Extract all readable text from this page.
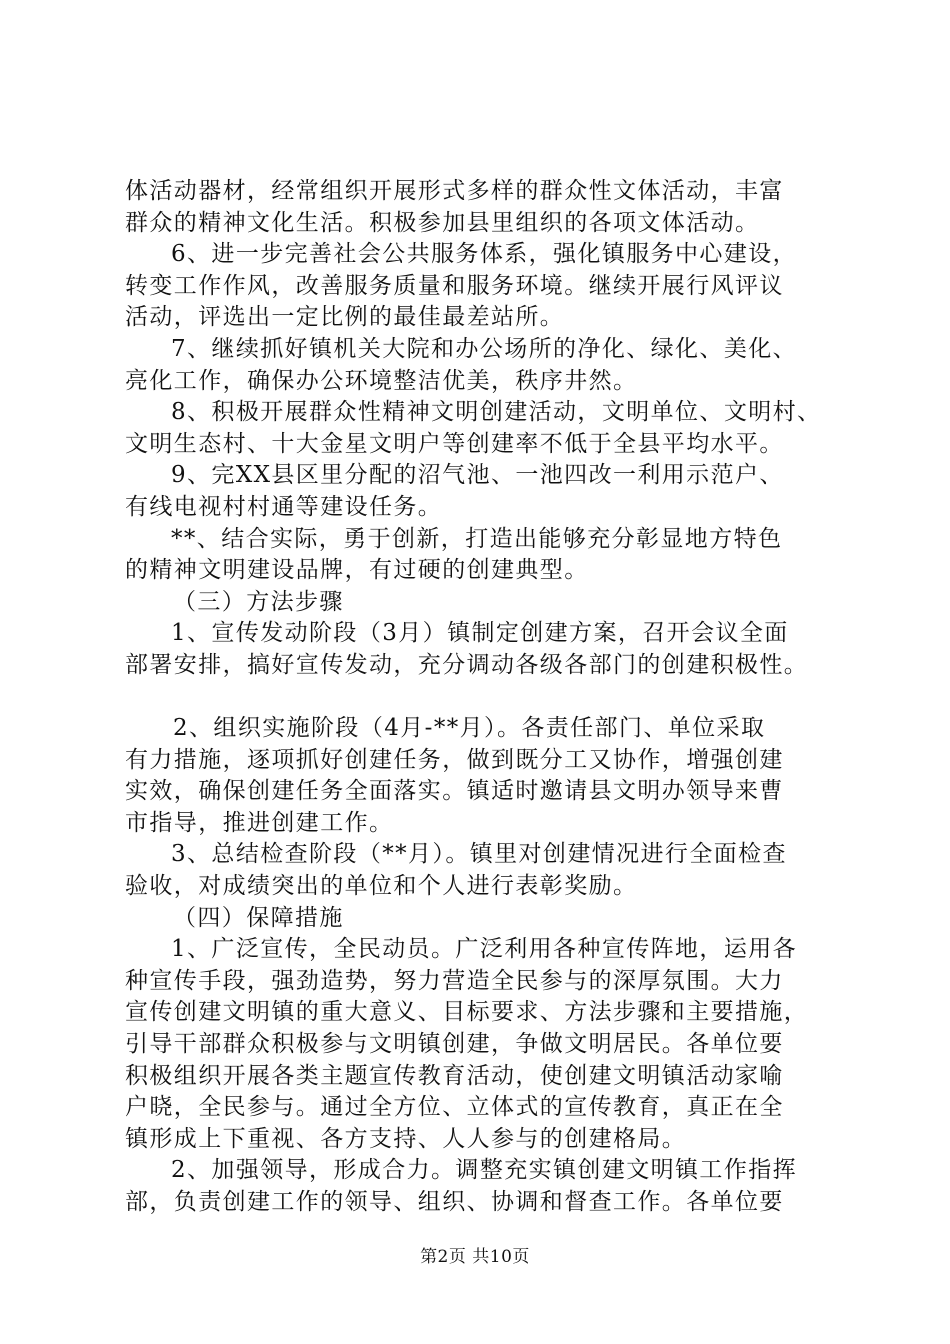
体活动器材，经常组织开展形式多样的群众性文体活动，丰富
群众的精神文化生活。积极参加县里组织的各项文体活动。
6、进一步完善社会公共服务体系，强化镇服务中心建设，
转变工作作风，改善服务质量和服务环境。继续开展行风评议
活动，评选出一定比例的最佳最差站所。
7、继续抓好镇机关大院和办公场所的净化、绿化、美化、
亮化工作，确保办公环境整洁优美，秩序井然。
8、积极开展群众性精神文明创建活动，文明单位、文明村、
文明生态村、十大金星文明户等创建率不低于全县平均水平。
9、完XX县区里分配的沼气池、一池四改一利用示范户、
有线电视村村通等建设任务。
**、结合实际，勇于创新，打造出能够充分彰显地方特色
的精神文明建设品牌，有过硬的创建典型。
（三）方法步骤
1、宣传发动阶段（3月）镇制定创建方案，召开会议全面
部署安排，搞好宣传发动，充分调动各级各部门的创建积极性。
2、组织实施阶段（4月-**月）。各责任部门、单位采取
有力措施，逐项抓好创建任务，做到既分工又协作，增强创建
实效，确保创建任务全面落实。镇适时邀请县文明办领导来曹
市指导，推进创建工作。
3、总结检查阶段（**月）。镇里对创建情况进行全面检查
验收，对成绩突出的单位和个人进行表彰奖励。
（四）保障措施
1、广泛宣传，全民动员。广泛利用各种宣传阵地，运用各
种宣传手段，强劲造势，努力营造全民参与的深厚氛围。大力
宣传创建文明镇的重大意义、目标要求、方法步骤和主要措施，
引导干部群众积极参与文明镇创建，争做文明居民。各单位要
积极组织开展各类主题宣传教育活动，使创建文明镇活动家喻
户晓，全民参与。通过全方位、立体式的宣传教育，真正在全
镇形成上下重视、各方支持、人人参与的创建格局。
2、加强领导，形成合力。调整充实镇创建文明镇工作指挥
部，负责创建工作的领导、组织、协调和督查工作。各单位要
第2页 共10页
